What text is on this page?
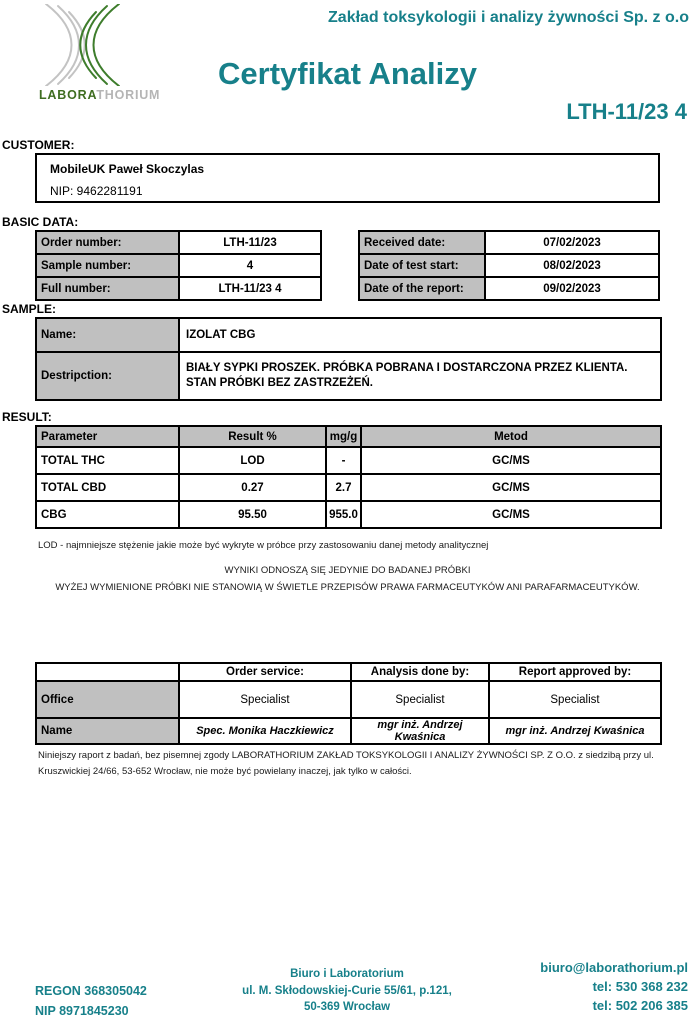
LABORATHORIUM
Zakład toksykologii i analizy żywności Sp. z o.o
Certyfikat Analizy
LTH-11/23 4
CUSTOMER:
MobileUK Paweł Skoczylas
NIP: 9462281191
BASIC DATA:
Order number:	LTH-11/23
Sample number:	4
Full number:	LTH-11/23 4
Received date:	07/02/2023
Date of test start:	08/02/2023
Date of the report:	09/02/2023
SAMPLE:
Name:	IZOLAT CBG
Destripction:	BIAŁY SYPKI PROSZEK. PRÓBKA POBRANA I DOSTARCZONA PRZEZ KLIENTA. STAN PRÓBKI BEZ ZASTRZEŻEŃ.
RESULT:
Parameter	Result %	mg/g	Metod
TOTAL THC	LOD	-	GC/MS
TOTAL CBD	0.27	2.7	GC/MS
CBG	95.50	955.0	GC/MS
LOD - najmniejsze stężenie jakie może być wykryte w próbce przy zastosowaniu danej metody analitycznej
WYNIKI ODNOSZĄ SIĘ JEDYNIE DO BADANEJ PRÓBKI
WYŻEJ WYMIENIONE PRÓBKI NIE STANOWIĄ W ŚWIETLE PRZEPISÓW PRAWA FARMACEUTYKÓW ANI PARAFARMACEUTYKÓW.
	Order service:	Analysis done by:	Report approved by:
Office	Specialist	Specialist	Specialist
Name	Spec. Monika Haczkiewicz	mgr inż. Andrzej Kwaśnica	mgr inż. Andrzej Kwaśnica
Niniejszy raport z badań, bez pisemnej zgody LABORATHORIUM ZAKŁAD TOKSYKOLOGII I ANALIZY ŻYWNOŚCI SP. Z O.O. z siedzibą przy ul. Kruszwickiej 24/66, 53-652 Wrocław, nie może być powielany inaczej, jak tylko w całości.
REGON 368305042
NIP 8971845230
Biuro i Laboratorium
ul. M. Skłodowskiej-Curie 55/61, p.121,
50-369 Wrocław
biuro@laborathorium.pl
tel: 530 368 232
tel: 502 206 385
